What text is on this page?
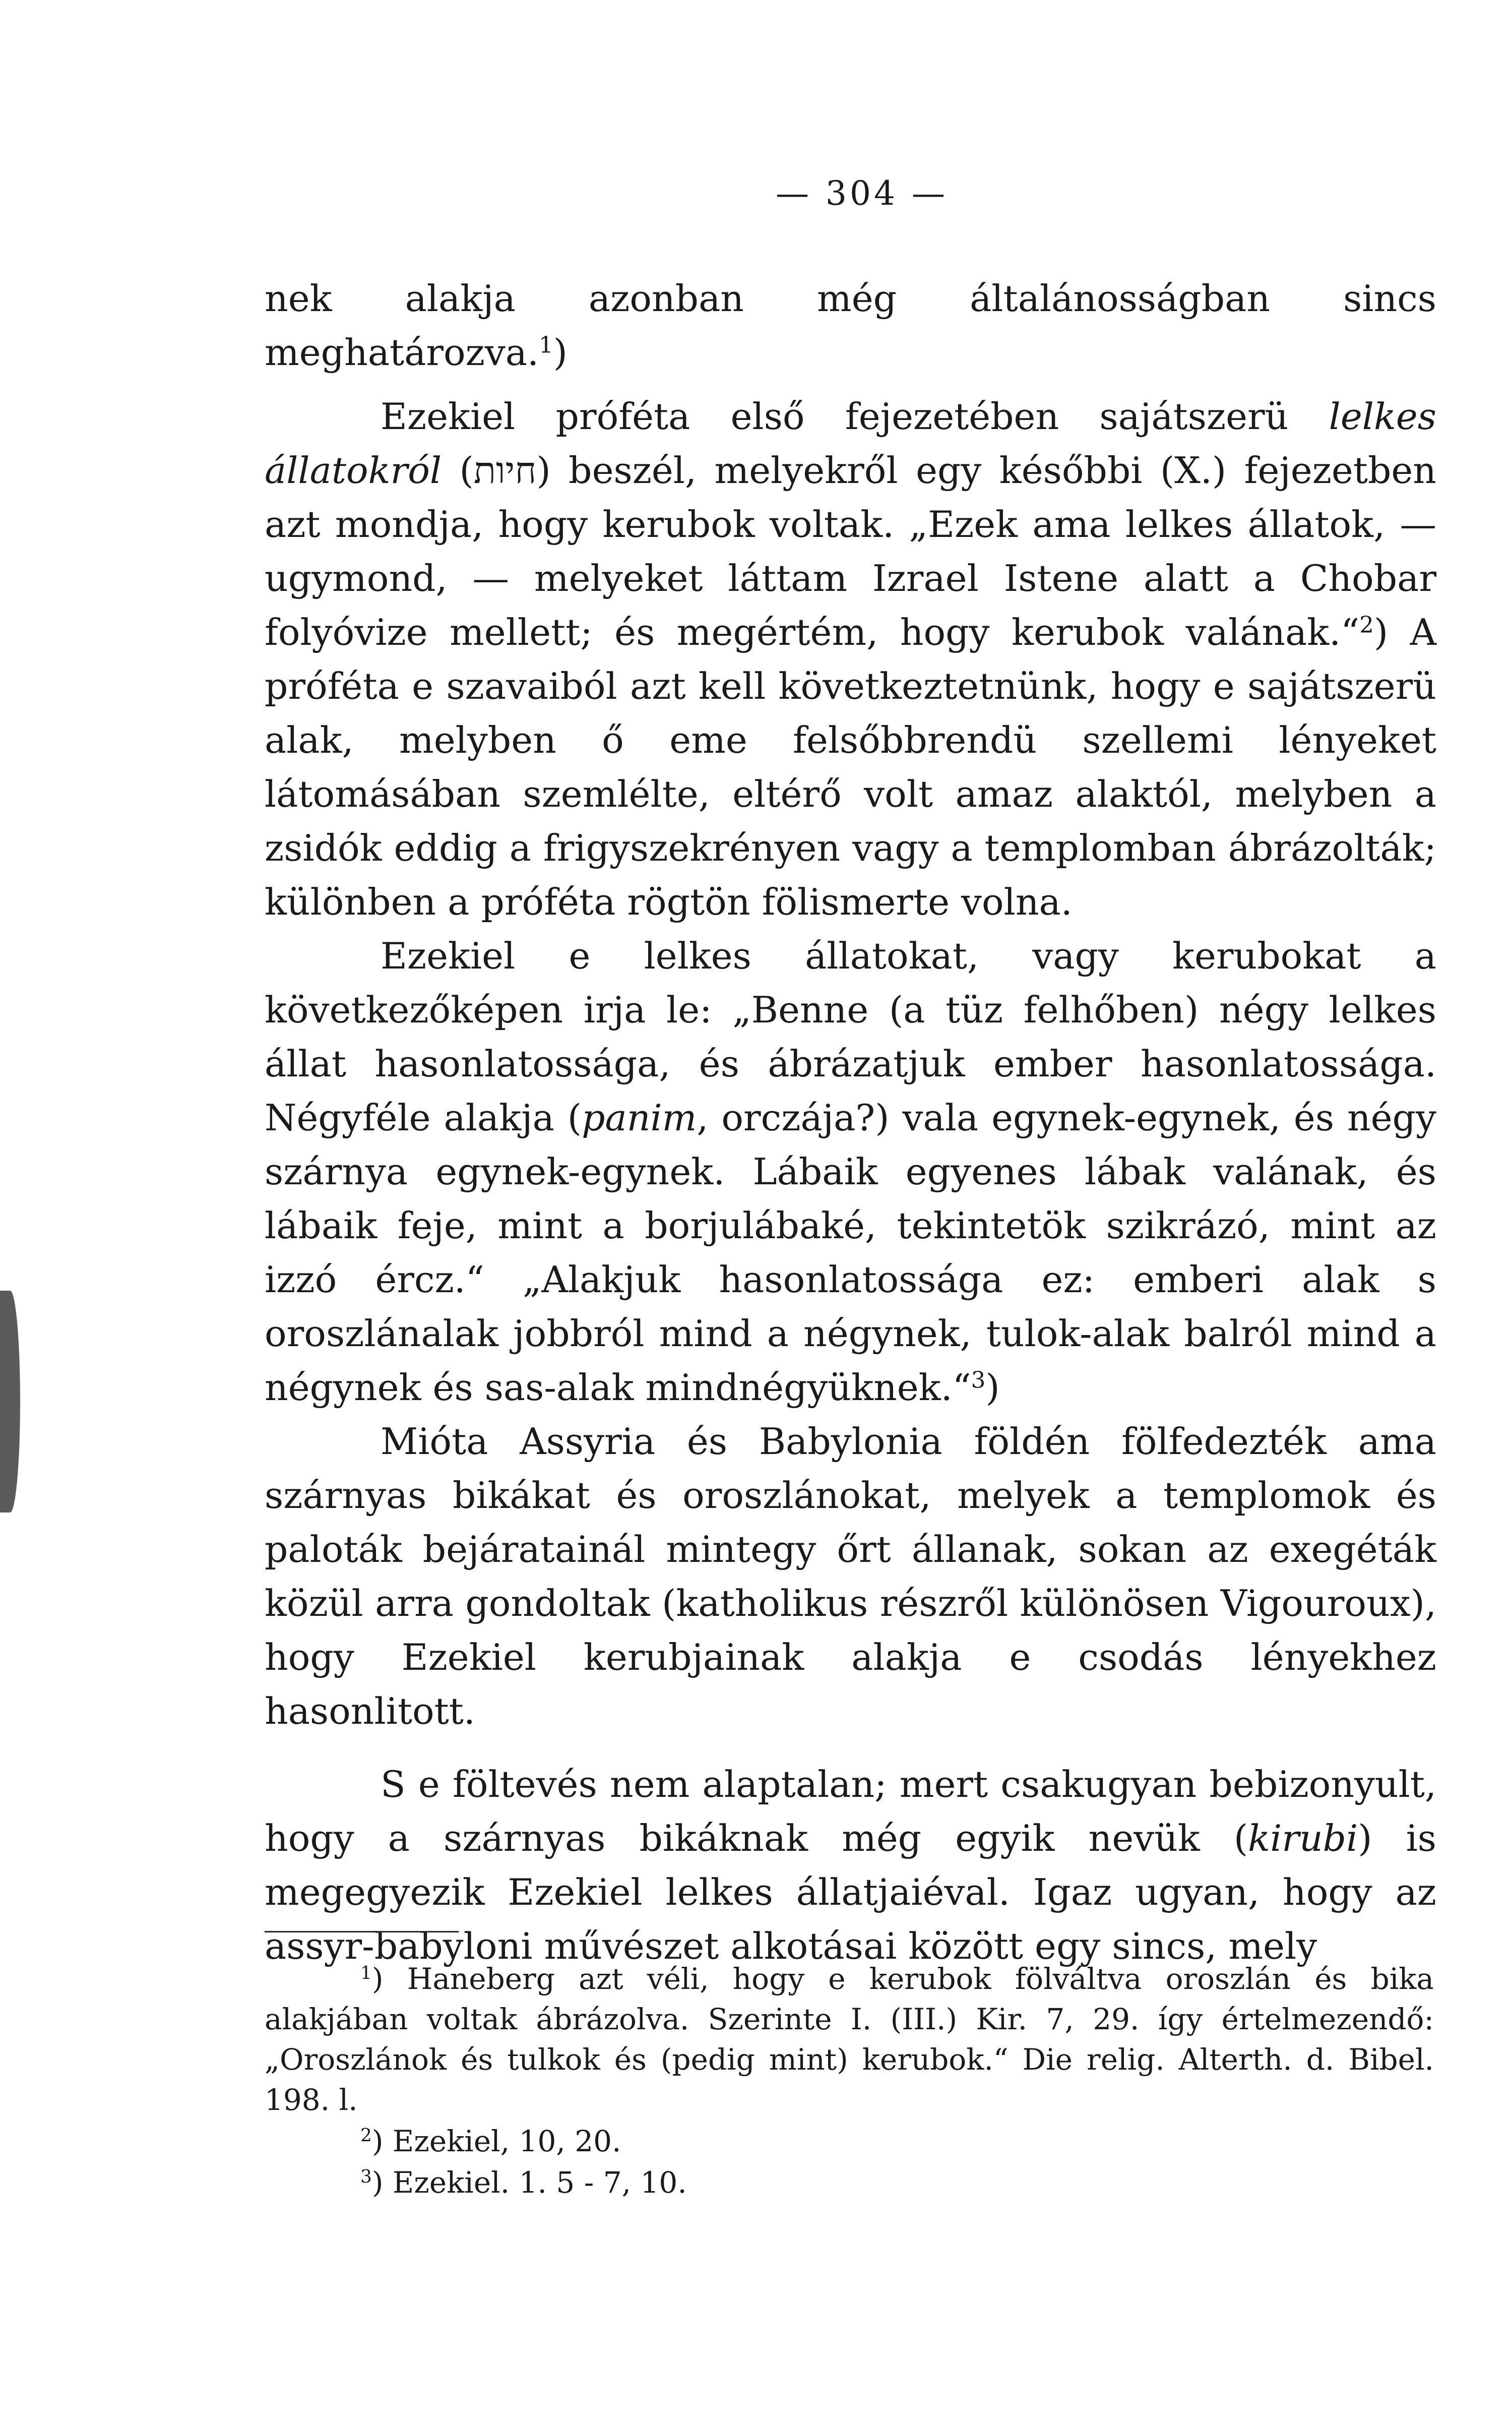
— 304 —

nek alakja azonban még általánosságban sincs meghatározva.$^1$)

Ezekiel próféta első fejezetében sajátszerü lelkes állatokról (חיות) beszél, melyekről egy későbbi (X.) fejezetben azt mondja, hogy kerubok voltak. „Ezek ama lelkes állatok, — ugymond, — melyeket láttam Izrael Istene alatt a Chobar folyóvize mellett; és megértém, hogy kerubok valának.“$^2$) A próféta e szavaiból azt kell következtetnünk, hogy e sajátszerü alak, melyben ő eme felsőbbrendü szellemi lényeket látomásában szemlélte, eltérő volt amaz alaktól, melyben a zsidók eddig a frigyszekrényen vagy a templomban ábrázolták; különben a próféta rögtön fölismerte volna.

Ezekiel e lelkes állatokat, vagy kerubokat a következőképen irja le: „Benne (a tüz felhőben) négy lelkes állat hasonlatossága, és ábrázatjuk ember hasonlatossága. Négyféle alakja (panim, orczája?) vala egynek-egynek, és négy szárnya egynek-egynek. Lábaik egyenes lábak valának, és lábaik feje, mint a borjulábaké, tekintetök szikrázó, mint az izzó ércz.“ „Alakjuk hasonlatossága ez: emberi alak s oroszlánalak jobbról mind a négynek, tulok-alak balról mind a négynek és sas-alak mindnégyüknek.“$^3$)

Mióta Assyria és Babylonia földén fölfedezték ama szárnyas bikákat és oroszlánokat, melyek a templomok és paloták bejáratainál mintegy őrt állanak, sokan az exegéták közül arra gondoltak (katholikus részről különösen Vigouroux), hogy Ezekiel kerubjainak alakja e csodás lényekhez hasonlitott.

S e föltevés nem alaptalan; mert csakugyan bebizonyult, hogy a szárnyas bikáknak még egyik nevük (kirubi) is megegyezik Ezekiel lelkes állatjaiéval. Igaz ugyan, hogy az assyr-babyloni művészet alkotásai között egy sincs, mely

$^1$) Haneberg azt véli, hogy e kerubok fölváltva oroszlán és bika alakjában voltak ábrázolva. Szerinte I. (III.) Kir. 7, 29. így értelmezendő: „Oroszlánok és tulkok és (pedig mint) kerubok.“ Die relig. Alterth. d. Bibel. 198. l.

$^2$) Ezekiel, 10, 20.

$^3$) Ezekiel. 1. 5 - 7, 10.
